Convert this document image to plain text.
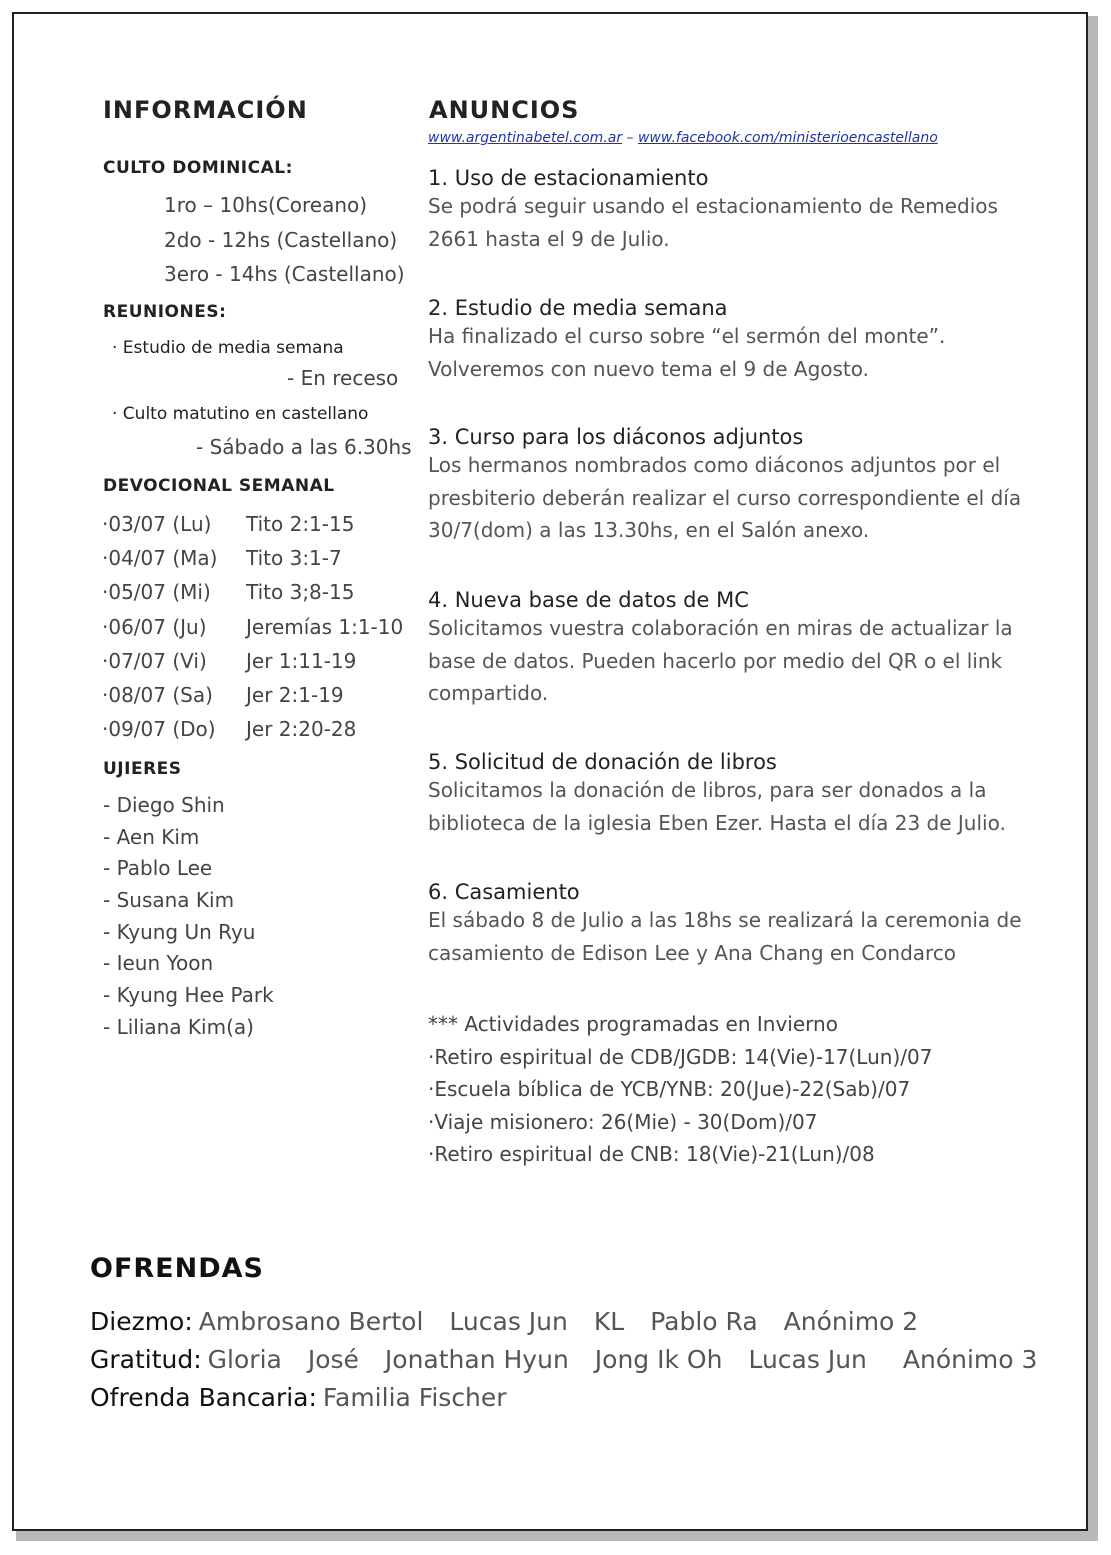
INFORMACIÓN
CULTO DOMINICAL:
1ro – 10hs(Coreano)
2do - 12hs (Castellano)
3ero - 14hs (Castellano)
REUNIONES:
· Estudio de media semana
- En receso
· Culto matutino en castellano
- Sábado a las 6.30hs
DEVOCIONAL SEMANAL
·03/07 (Lu)	Tito 2:1-15
·04/07 (Ma)	Tito 3:1-7
·05/07 (Mi)	Tito 3;8-15
·06/07 (Ju)	Jeremías 1:1-10
·07/07 (Vi)	Jer 1:11-19
·08/07 (Sa)	Jer 2:1-19
·09/07 (Do)	Jer 2:20-28
UJIERES
- Diego Shin
- Aen Kim
- Pablo Lee
- Susana Kim
- Kyung Un Ryu
- Ieun Yoon
- Kyung Hee Park
- Liliana Kim(a)
ANUNCIOS
www.argentinabetel.com.ar – www.facebook.com/ministerioencastellano
1. Uso de estacionamiento
Se podrá seguir usando el estacionamiento de Remedios 2661 hasta el 9 de Julio.
2. Estudio de media semana
Ha finalizado el curso sobre “el sermón del monte”. Volveremos con nuevo tema el 9 de Agosto.
3. Curso para los diáconos adjuntos
Los hermanos nombrados como diáconos adjuntos por el presbiterio deberán realizar el curso correspondiente el día 30/7(dom) a las 13.30hs, en el Salón anexo.
4. Nueva base de datos de MC
Solicitamos vuestra colaboración en miras de actualizar la base de datos. Pueden hacerlo por medio del QR o el link compartido.
5. Solicitud de donación de libros
Solicitamos la donación de libros, para ser donados a la biblioteca de la iglesia Eben Ezer. Hasta el día 23 de Julio.
6. Casamiento
El sábado 8 de Julio a las 18hs se realizará la ceremonia de casamiento de Edison Lee y Ana Chang en Condarco
*** Actividades programadas en Invierno
·Retiro espiritual de CDB/JGDB: 14(Vie)-17(Lun)/07
·Escuela bíblica de YCB/YNB: 20(Jue)-22(Sab)/07
·Viaje misionero: 26(Mie) - 30(Dom)/07
·Retiro espiritual de CNB: 18(Vie)-21(Lun)/08
OFRENDAS
Diezmo: Ambrosano Bertol Lucas Jun KL Pablo Ra Anónimo 2
Gratitud: Gloria José Jonathan Hyun Jong Ik Oh Lucas Jun Anónimo 3
Ofrenda Bancaria: Familia Fischer
